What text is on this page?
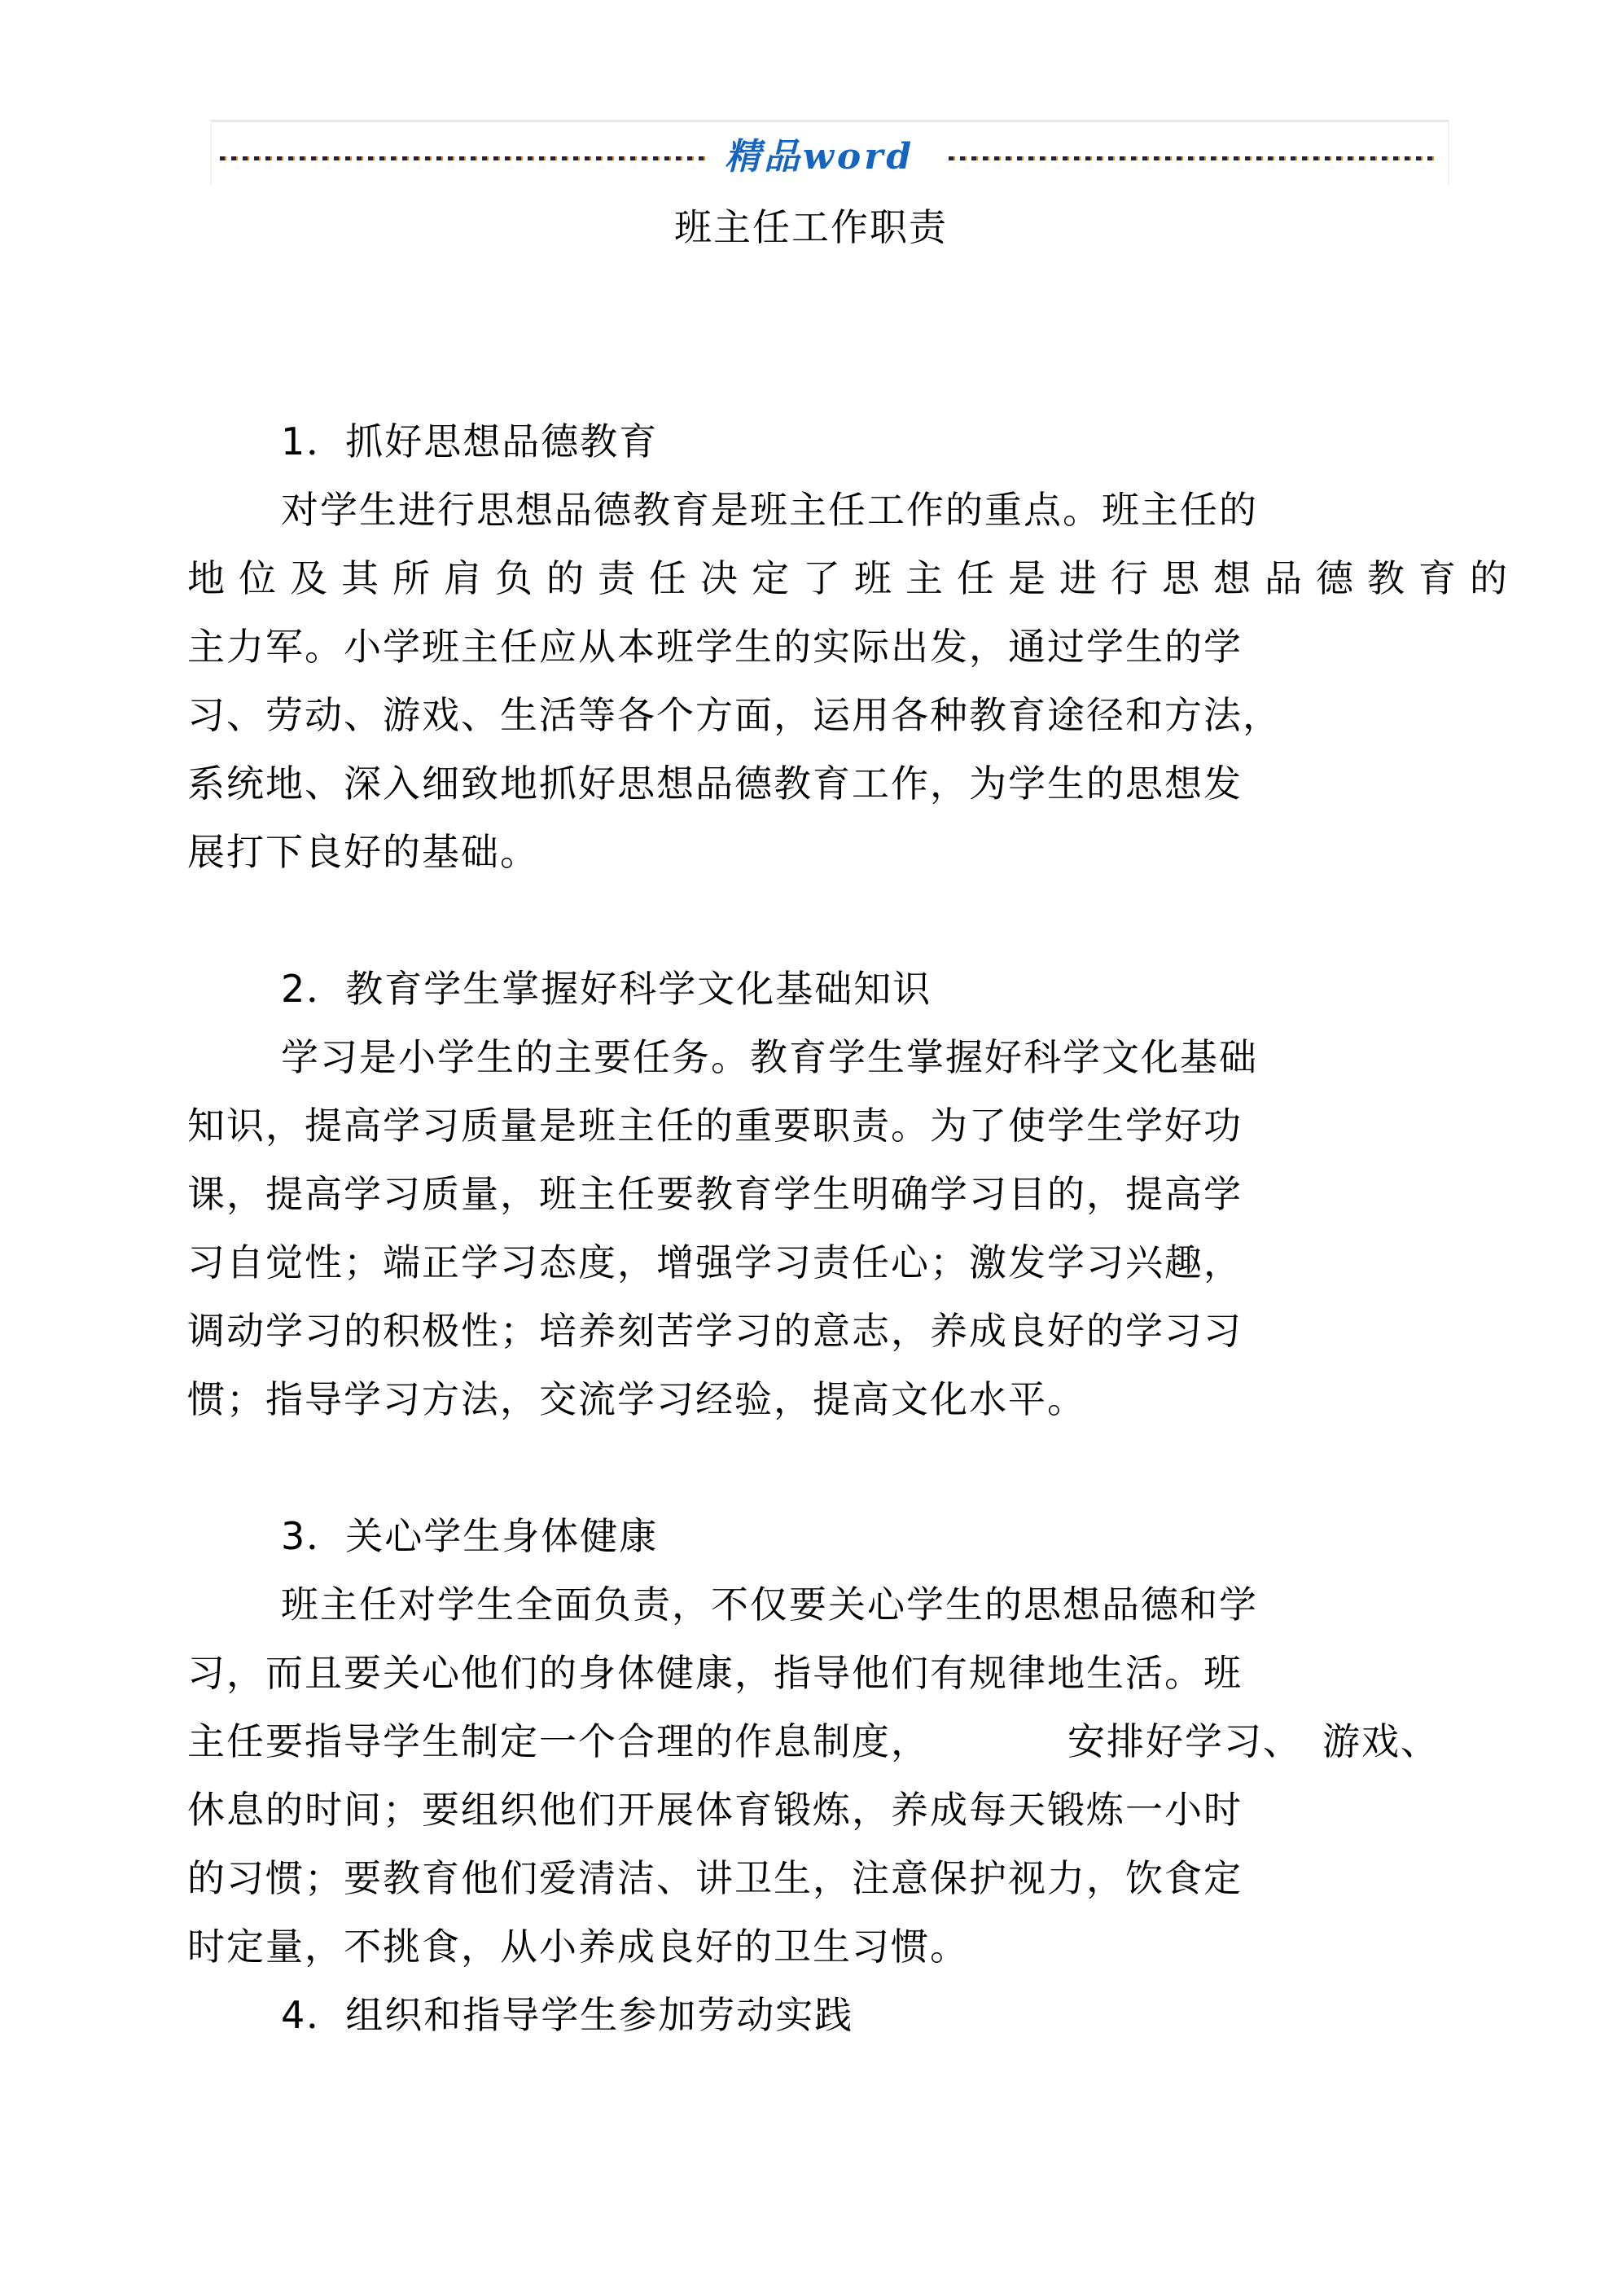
精品word
班主任工作职责
1．抓好思想品德教育
对学生进行思想品德教育是班主任工作的重点。班主任的
地位及其所肩负的责任决定了班主任是进行思想品德教育的
主力军。小学班主任应从本班学生的实际出发，通过学生的学
习、劳动、游戏、生活等各个方面，运用各种教育途径和方法，
系统地、深入细致地抓好思想品德教育工作，为学生的思想发
展打下良好的基础。
2．教育学生掌握好科学文化基础知识
学习是小学生的主要任务。教育学生掌握好科学文化基础
知识，提高学习质量是班主任的重要职责。为了使学生学好功
课，提高学习质量，班主任要教育学生明确学习目的，提高学
习自觉性；端正学习态度，增强学习责任心；激发学习兴趣，
调动学习的积极性；培养刻苦学习的意志，养成良好的学习习
惯；指导学习方法，交流学习经验，提高文化水平。
3．关心学生身体健康
班主任对学生全面负责，不仅要关心学生的思想品德和学
习，而且要关心他们的身体健康，指导他们有规律地生活。班
主任要指导学生制定一个合理的作息制度，　　　　安排好学习、　游戏、
休息的时间；要组织他们开展体育锻炼，养成每天锻炼一小时
的习惯；要教育他们爱清洁、讲卫生，注意保护视力，饮食定
时定量，不挑食，从小养成良好的卫生习惯。
4．组织和指导学生参加劳动实践
